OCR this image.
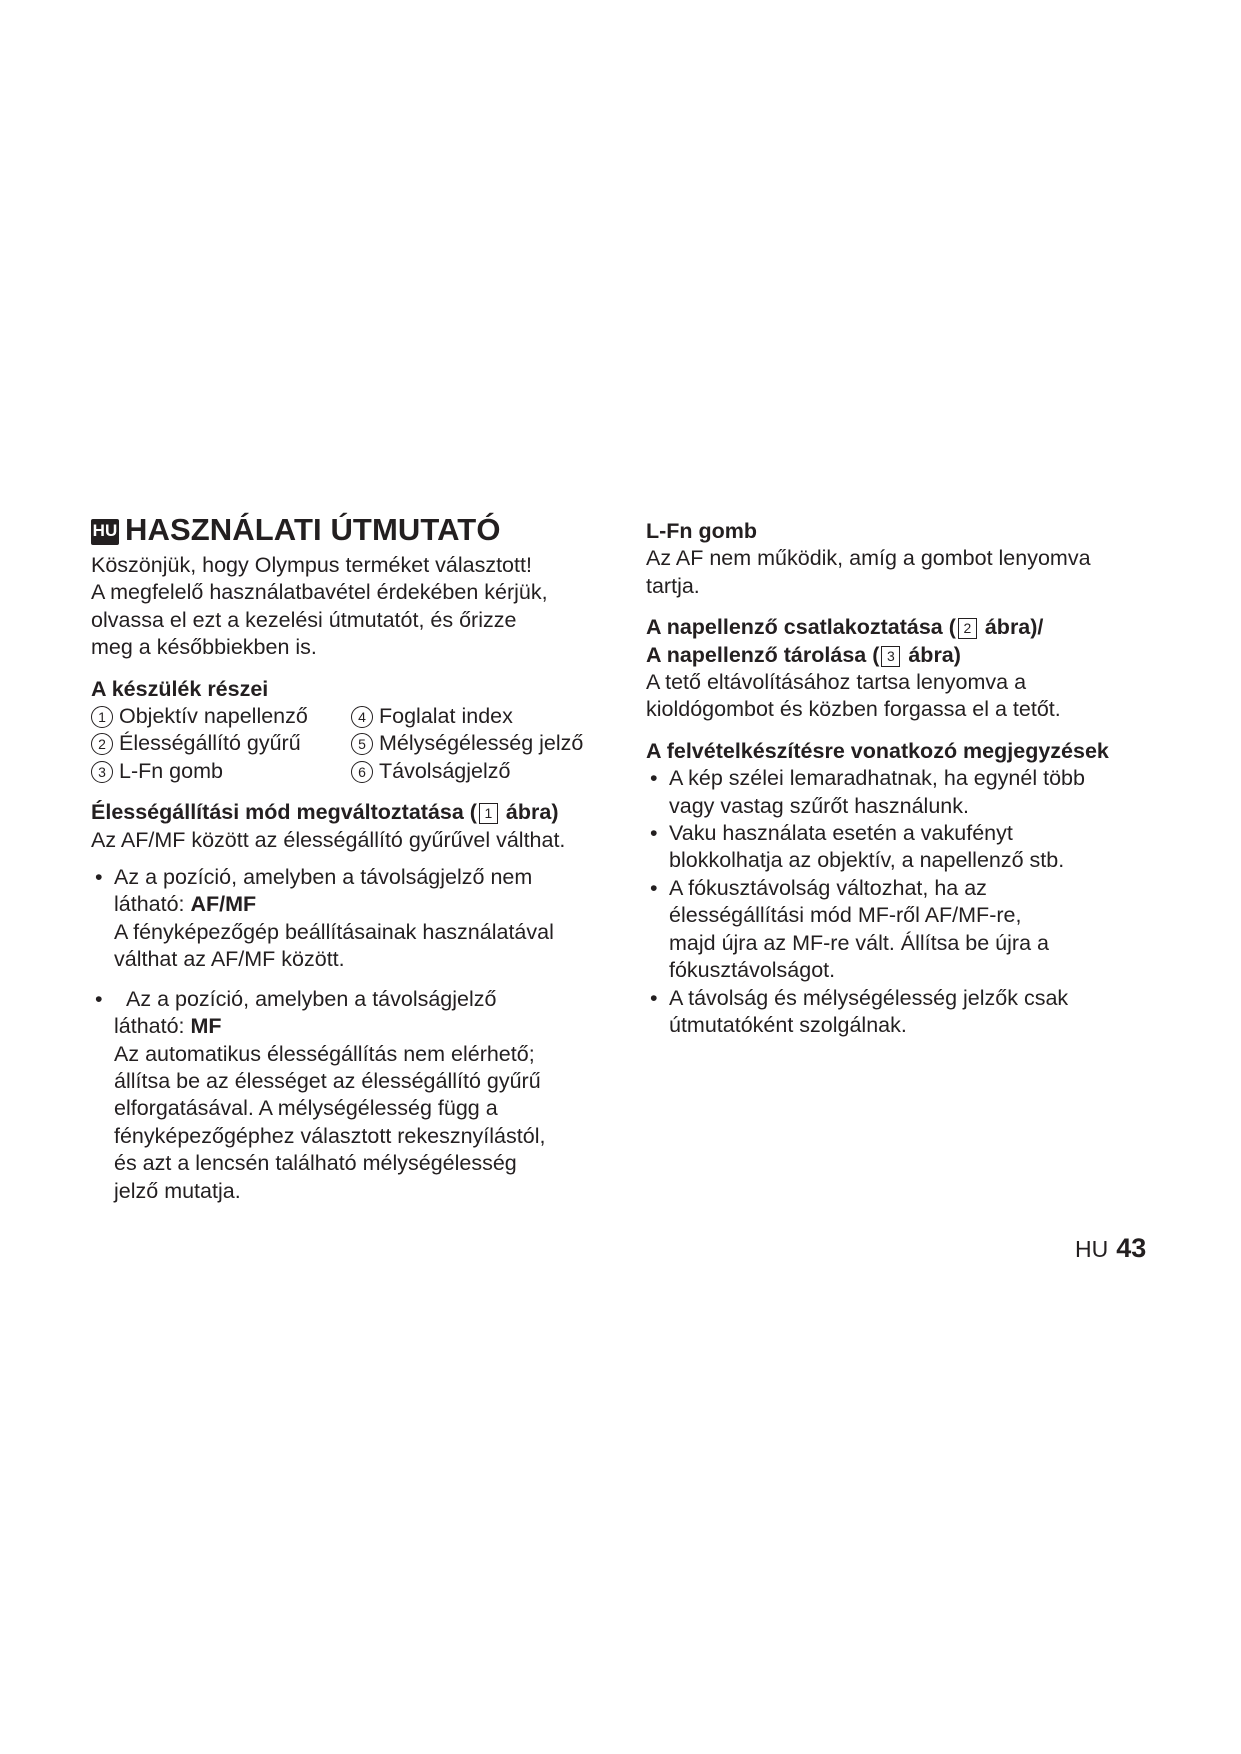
HU HASZNÁLATI ÚTMUTATÓ

Köszönjük, hogy Olympus terméket választott!

A megfelelő használatbavétel érdekében kérjük,

olvassa el ezt a kezelési útmutatót, és őrizze

meg a későbbiekben is.

A készülék részei

1 Objektív napellenző	4 Foglalat index
2 Élességállító gyűrű	5 Mélységélesség jelző
3 L-Fn gomb	6 Távolságjelző

Élességállítási mód megváltoztatása ( 1 ábra)

Az AF/MF között az élességállító gyűrűvel válthat.

• Az a pozíció, amelyben a távolságjelző nem
látható: AF/MF
A fényképezőgép beállításainak használatával
válthat az AF/MF között.
• Az a pozíció, amelyben a távolságjelző
látható: MF
Az automatikus élességállítás nem elérhető;
állítsa be az élességet az élességállító gyűrű
elforgatásával. A mélységélesség függ a
fényképezőgéphez választott rekesznyílástól,
és azt a lencsén található mélységélesség
jelző mutatja.

L-Fn gomb

Az AF nem működik, amíg a gombot lenyomva

tartja.

A napellenző csatlakoztatása ( 2 ábra)/

A napellenző tárolása ( 3 ábra)

A tető eltávolításához tartsa lenyomva a

kioldógombot és közben forgassa el a tetőt.

A felvételkészítésre vonatkozó megjegyzések

• A kép szélei lemaradhatnak, ha egynél több
vagy vastag szűrőt használunk.
• Vaku használata esetén a vakufényt
blokkolhatja az objektív, a napellenző stb.
• A fókusztávolság változhat, ha az
élességállítási mód MF-ről AF/MF-re,
majd újra az MF-re vált. Állítsa be újra a
fókusztávolságot.
• A távolság és mélységélesség jelzők csak
útmutatóként szolgálnak.
HU 43
